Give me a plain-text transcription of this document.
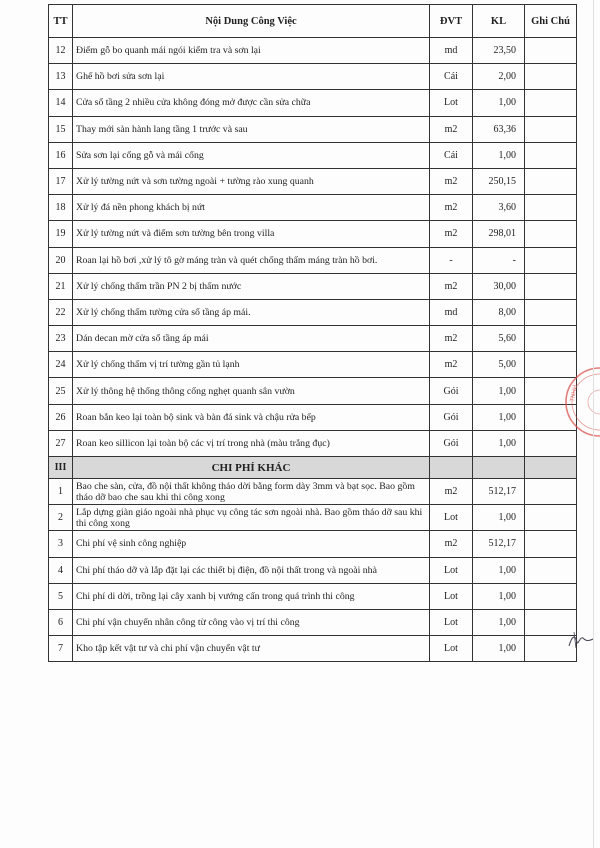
TT	Nội Dung Công Việc	ĐVT	KL	Ghi Chú
12	Điểm gỗ bo quanh mái ngói kiểm tra và sơn lại	md	23,50	
13	Ghế hồ bơi sửa sơn lại	Cái	2,00	
14	Cửa sổ tầng 2 nhiều cửa không đóng mở được cần sửa chữa	Lot	1,00	
15	Thay mới sàn hành lang tầng 1 trước và sau	m2	63,36	
16	Sửa sơn lại cổng gỗ và mái cổng	Cái	1,00	
17	Xử lý tường nứt và sơn tường ngoài + tường rào xung quanh	m2	250,15	
18	Xử lý đá nền phong khách bị nứt	m2	3,60	
19	Xử lý tường nứt và điểm sơn tường bên trong villa	m2	298,01	
20	Roan lại hồ bơi ,xử lý tô gờ máng tràn và quét chống thấm máng tràn hồ bơi.	-	-	
21	Xử lý chống thấm trần PN 2 bị thấm nước	m2	30,00	
22	Xử lý chống thấm tường cửa sổ tầng áp mái.	md	8,00	
23	Dán decan mờ cửa sổ tầng áp mái	m2	5,60	
24	Xử lý chống thấm vị trí tường gần tủ lạnh	m2	5,00	
25	Xử lý thông hệ thống thông cống nghẹt quanh sân vườn	Gói	1,00	
26	Roan bắn keo lại toàn bộ sink và bàn đá sink và chậu rửa bếp	Gói	1,00	
27	Roan keo sillicon lại toàn bộ các vị trí trong nhà (màu trắng đục)	Gói	1,00	
III	CHI PHÍ KHÁC			
1	Bao che sàn, cửa, đồ nội thất không tháo dời bằng form dày 3mm và bạt sọc. Bao gồm tháo dỡ bao che sau khi thi công xong	m2	512,17	
2	Lắp dựng giàn giáo ngoài nhà phục vụ công tác sơn ngoài nhà. Bao gồm tháo dỡ sau khi thi công xong	Lot	1,00	
3	Chi phí vệ sinh công nghiệp	m2	512,17	
4	Chi phí tháo dỡ và lắp đặt lại các thiết bị điện, đồ nội thất trong và ngoài nhà	Lot	1,00	
5	Chi phí di dời, trồng lại cây xanh bị vướng cấn trong quá trình thi công	Lot	1,00	
6	Chi phí vận chuyển nhân công từ công vào vị trí thi công	Lot	1,00	
7	Kho tập kết vật tư và chi phí vận chuyển vật tư	Lot	1,00	
TNHH
